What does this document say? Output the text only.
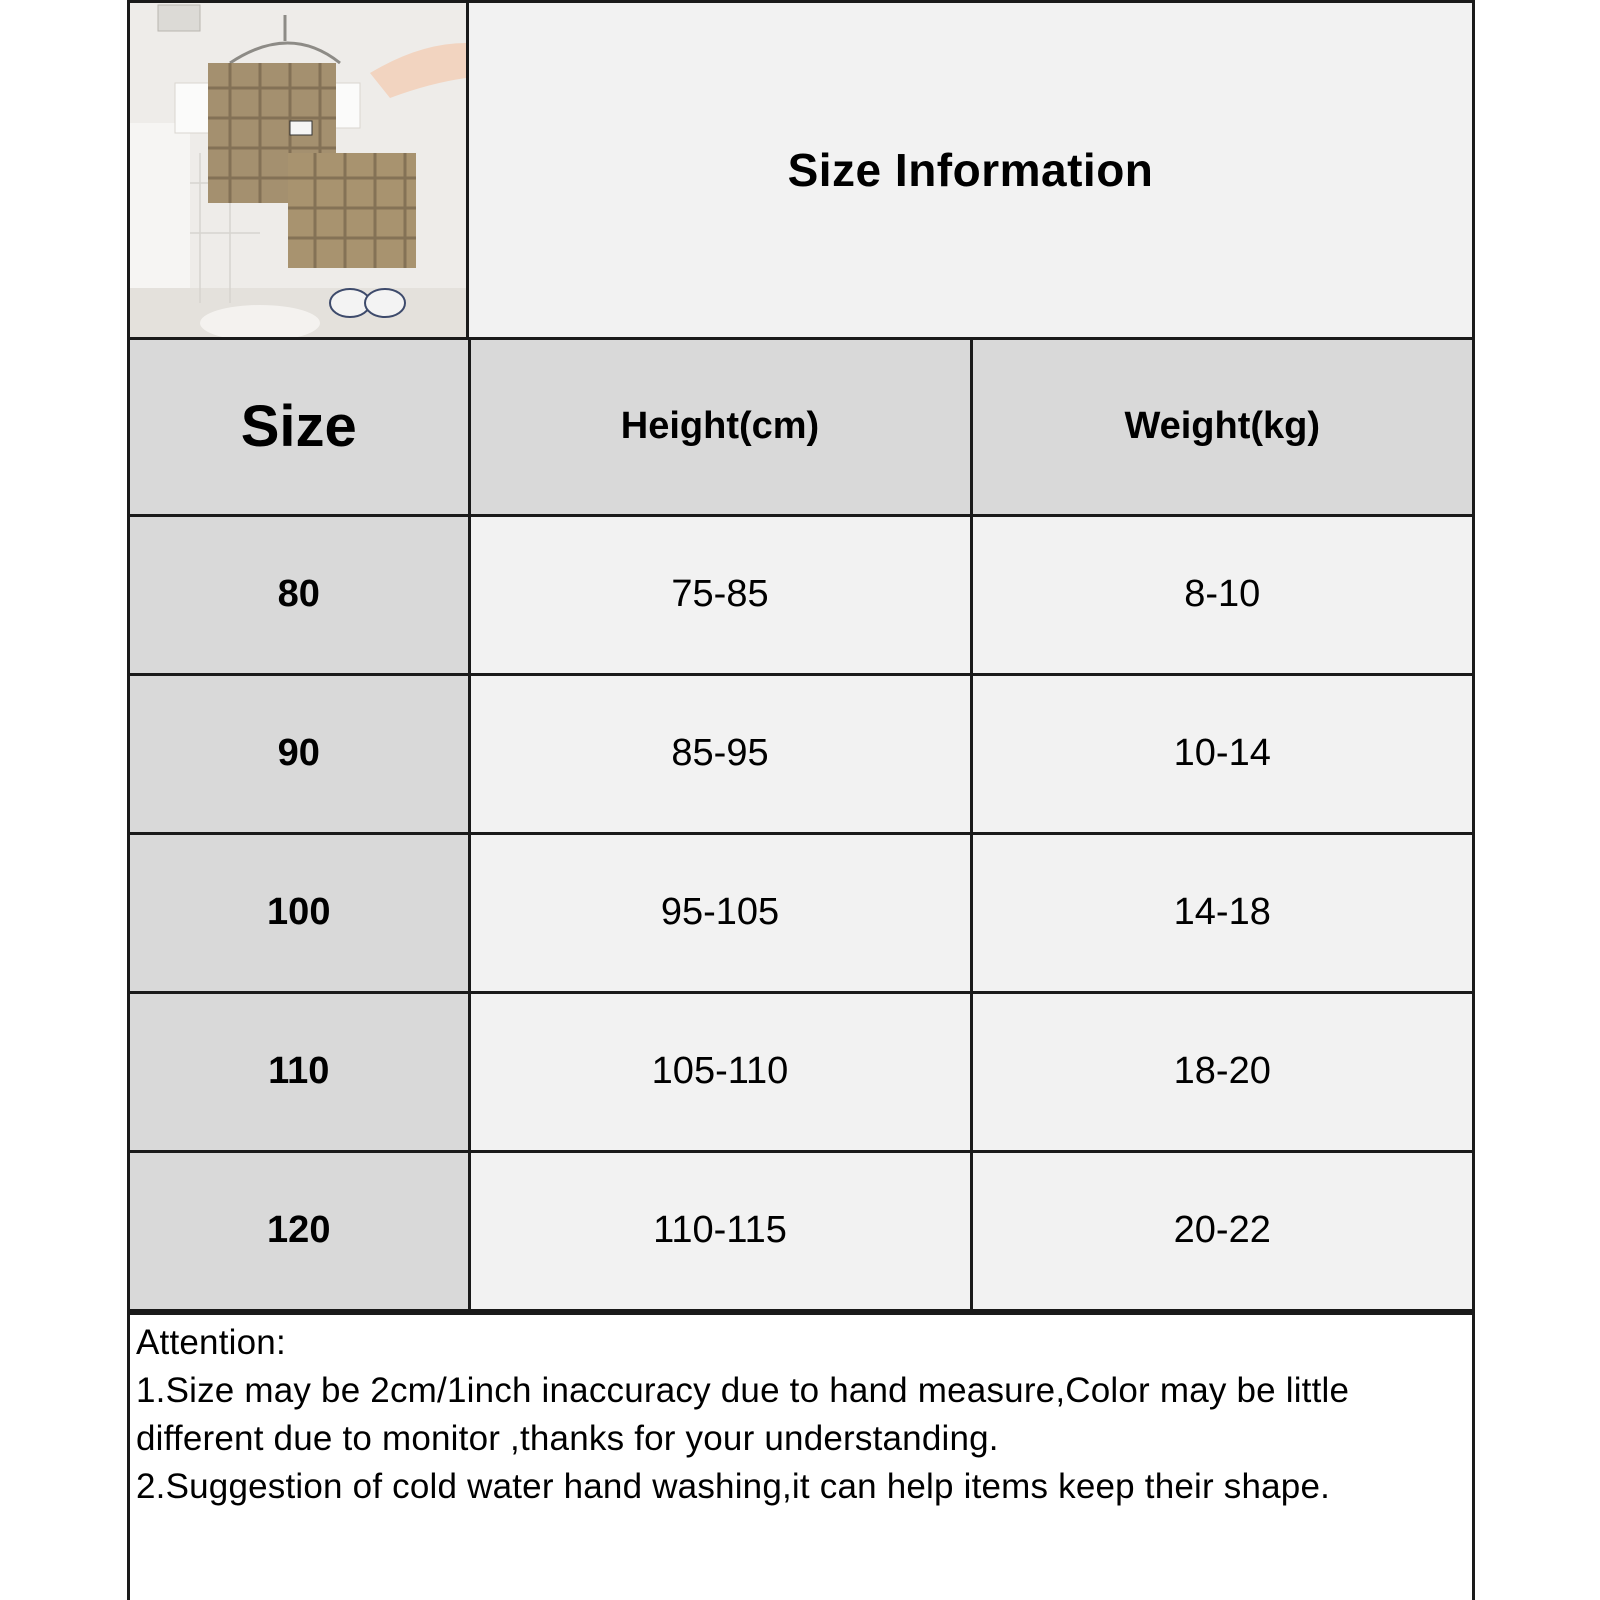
Size Information
Size	Height(cm)	Weight(kg)
80	75-85	8-10
90	85-95	10-14
100	95-105	14-18
110	105-110	18-20
120	110-115	20-22

Attention:

1.Size may be 2cm/1inch inaccuracy due to hand measure,Color may be little

different due to monitor ,thanks for your understanding.

2.Suggestion of cold water hand washing,it can help items keep their shape.
